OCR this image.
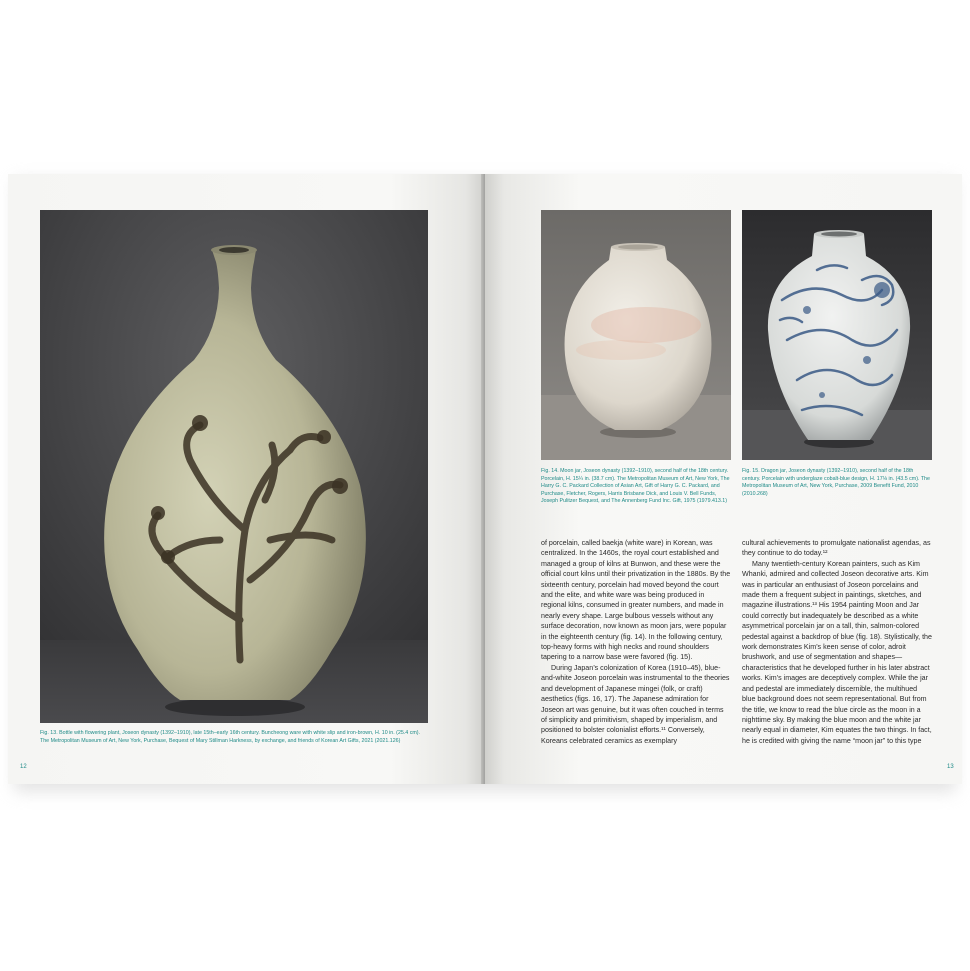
Fig. 13. Bottle with flowering plant, Joseon dynasty (1392–1910), late 15th–early 16th century. Buncheong ware with white slip and iron-brown, H. 10 in. (25.4 cm). The Metropolitan Museum of Art, New York, Purchase, Bequest of Mary Stillman Harkness, by exchange, and friends of Korean Art Gifts, 2021 (2021.126)

12

Fig. 14. Moon jar, Joseon dynasty (1392–1910), second half of the 18th century. Porcelain, H. 15¼ in. (38.7 cm). The Metropolitan Museum of Art, New York, The Harry G. C. Packard Collection of Asian Art, Gift of Harry G. C. Packard, and Purchase, Fletcher, Rogers, Harris Brisbane Dick, and Louis V. Bell Funds, Joseph Pulitzer Bequest, and The Annenberg Fund Inc. Gift, 1975 (1979.413.1)

Fig. 15. Dragon jar, Joseon dynasty (1392–1910), second half of the 18th century. Porcelain with underglaze cobalt-blue design, H. 17⅛ in. (43.5 cm). The Metropolitan Museum of Art, New York, Purchase, 2009 Benefit Fund, 2010 (2010.268)

of porcelain, called baekja (white ware) in Korean, was centralized. In the 1460s, the royal court established and managed a group of kilns at Bunwon, and these were the official court kilns until their privatization in the 1880s. By the sixteenth century, porcelain had moved beyond the court and the elite, and white ware was being produced in regional kilns, consumed in greater numbers, and made in nearly every shape. Large bulbous vessels without any surface decoration, now known as moon jars, were popular in the eighteenth century (fig. 14). In the following century, top-heavy forms with high necks and round shoulders tapering to a narrow base were favored (fig. 15).

During Japan’s colonization of Korea (1910–45), blue-and-white Joseon porcelain was instrumental to the theories and development of Japanese mingei (folk, or craft) aesthetics (figs. 16, 17). The Japanese admiration for Joseon art was genuine, but it was often couched in terms of simplicity and primitivism, shaped by imperialism, and positioned to bolster colonialist efforts.¹¹ Conversely, Koreans celebrated ceramics as exemplary

cultural achievements to promulgate nationalist agendas, as they continue to do today.¹²

Many twentieth-century Korean painters, such as Kim Whanki, admired and collected Joseon decorative arts. Kim was in particular an enthusiast of Joseon porcelains and made them a frequent subject in paintings, sketches, and magazine illustrations.¹³ His 1954 painting Moon and Jar could correctly but inadequately be described as a white asymmetrical porcelain jar on a tall, thin, salmon-colored pedestal against a backdrop of blue (fig. 18). Stylistically, the work demonstrates Kim’s keen sense of color, adroit brushwork, and use of segmentation and shapes—characteristics that he developed further in his later abstract works. Kim’s images are deceptively complex. While the jar and pedestal are immediately discernible, the multihued blue background does not seem representational. But from the title, we know to read the blue circle as the moon in a nighttime sky. By making the blue moon and the white jar nearly equal in diameter, Kim equates the two things. In fact, he is credited with giving the name “moon jar” to this type

13
